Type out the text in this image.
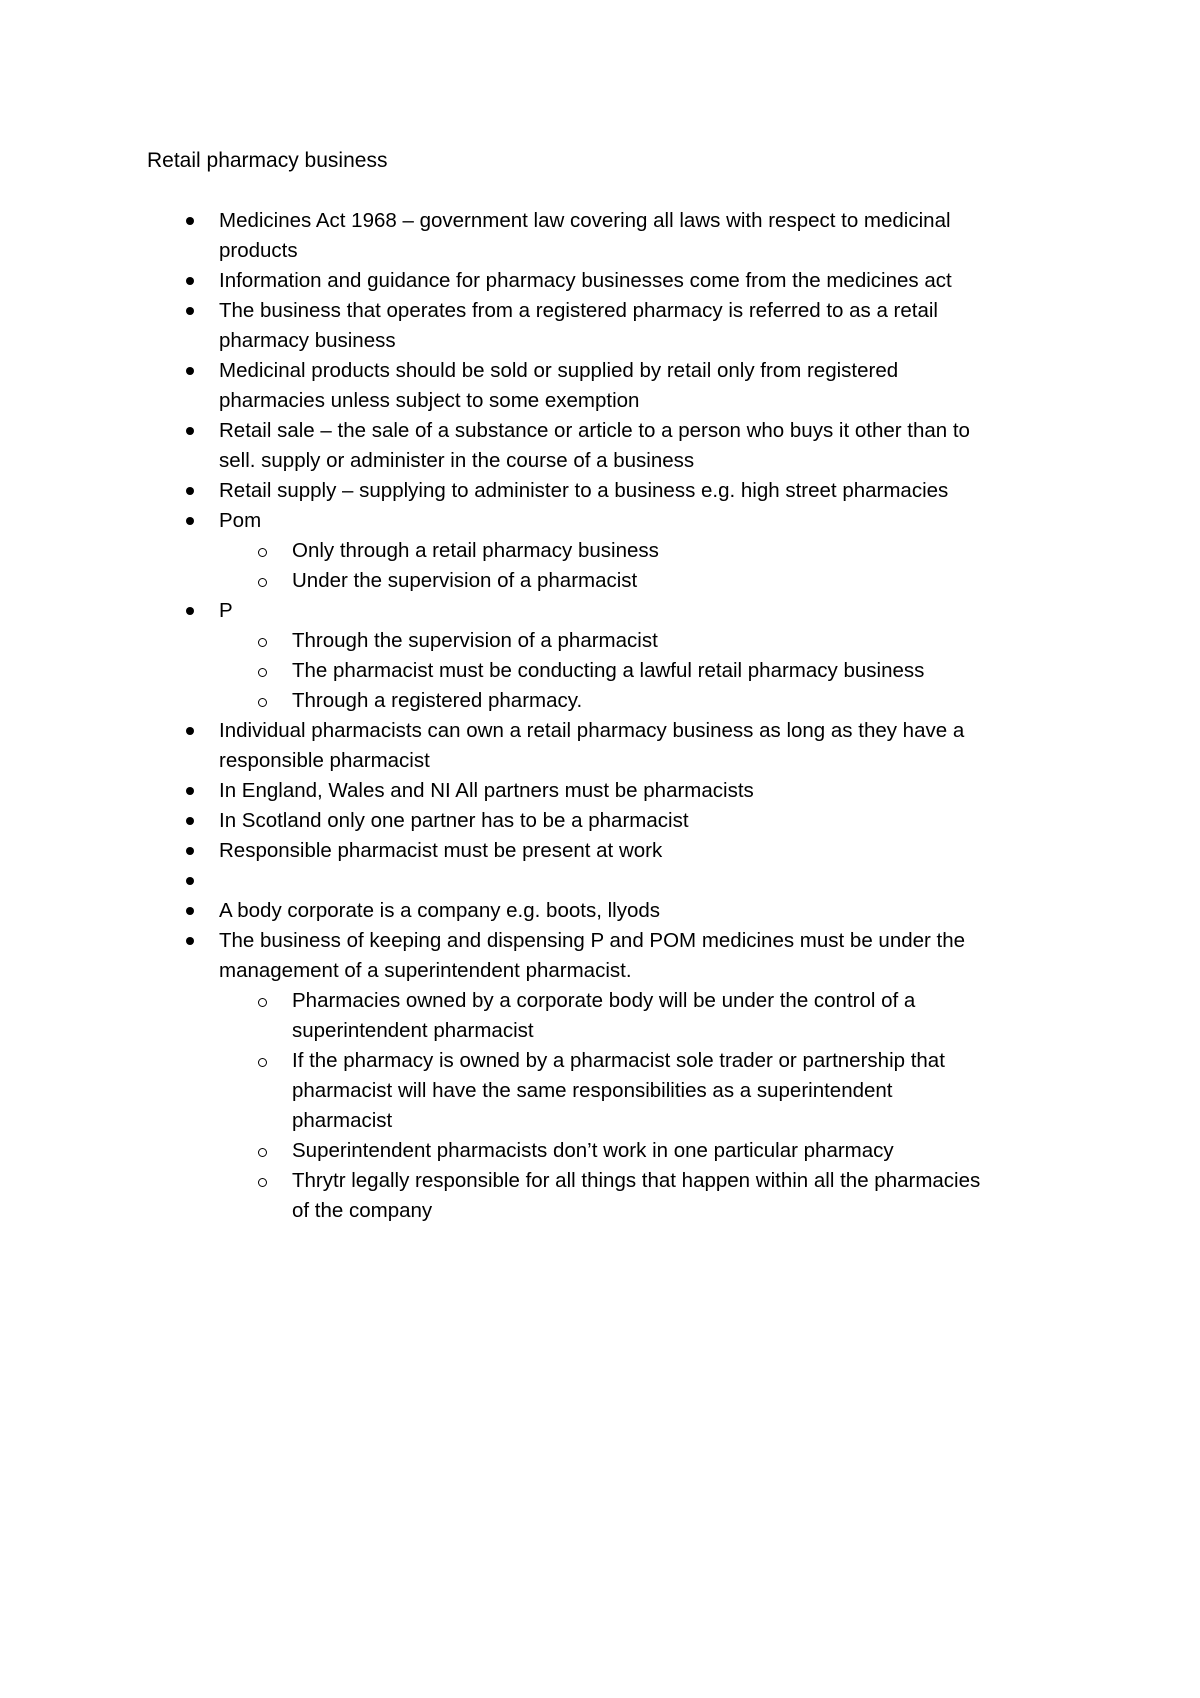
Retail pharmacy business
Medicines Act 1968 – government law covering all laws with respect to medicinal
products
Information and guidance for pharmacy businesses come from the medicines act
The business that operates from a registered pharmacy is referred to as a retail
pharmacy business
Medicinal products should be sold or supplied by retail only from registered
pharmacies unless subject to some exemption
Retail sale – the sale of a substance or article to a person who buys it other than to
sell. supply or administer in the course of a business
Retail supply – supplying to administer to a business e.g. high street pharmacies
Pom
Only through a retail pharmacy business
Under the supervision of a pharmacist
P
Through the supervision of a pharmacist
The pharmacist must be conducting a lawful retail pharmacy business
Through a registered pharmacy.
Individual pharmacists can own a retail pharmacy business as long as they have a
responsible pharmacist
In England, Wales and NI All partners must be pharmacists
In Scotland only one partner has to be a pharmacist
Responsible pharmacist must be present at work
A body corporate is a company e.g. boots, llyods
The business of keeping and dispensing P and POM medicines must be under the
management of a superintendent pharmacist.
Pharmacies owned by a corporate body will be under the control of a
superintendent pharmacist
If the pharmacy is owned by a pharmacist sole trader or partnership that
pharmacist will have the same responsibilities as a superintendent
pharmacist
Superintendent pharmacists don’t work in one particular pharmacy
Thrytr legally responsible for all things that happen within all the pharmacies
of the company
